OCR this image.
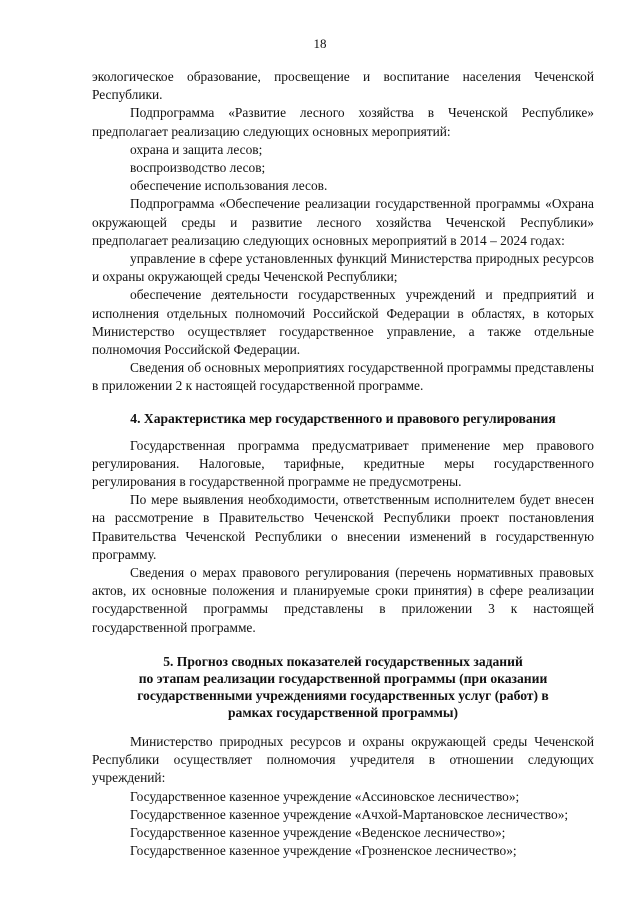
18

экологическое образование, просвещение и воспитание населения Чеченской Республики.

Подпрограмма «Развитие лесного хозяйства в Чеченской Республике» предполагает реализацию следующих основных мероприятий:

охрана и защита лесов;

воспроизводство лесов;

обеспечение использования лесов.

Подпрограмма «Обеспечение реализации государственной программы «Охрана окружающей среды и развитие лесного хозяйства Чеченской Республики» предполагает реализацию следующих основных мероприятий в 2014 – 2024 годах:

управление в сфере установленных функций Министерства природных ресурсов и охраны окружающей среды Чеченской Республики;

обеспечение деятельности государственных учреждений и предприятий и исполнения отдельных полномочий Российской Федерации в областях, в которых Министерство осуществляет государственное управление, а также отдельные полномочия Российской Федерации.

Сведения об основных мероприятиях государственной программы представлены в приложении 2 к настоящей государственной программе.

4. Характеристика мер государственного и правового регулирования

Государственная программа предусматривает применение мер правового регулирования. Налоговые, тарифные, кредитные меры государственного регулирования в государственной программе не предусмотрены.

По мере выявления необходимости, ответственным исполнителем будет внесен на рассмотрение в Правительство Чеченской Республики проект постановления Правительства Чеченской Республики о внесении изменений в государственную программу.

Сведения о мерах правового регулирования (перечень нормативных правовых актов, их основные положения и планируемые сроки принятия) в сфере реализации государственной программы представлены в приложении 3 к настоящей государственной программе.

5. Прогноз сводных показателей государственных заданий
по этапам реализации государственной программы (при оказании
государственными учреждениями государственных услуг (работ) в
рамках государственной программы)

Министерство природных ресурсов и охраны окружающей среды Чеченской Республики осуществляет полномочия учредителя в отношении следующих учреждений:

Государственное казенное учреждение «Ассиновское лесничество»;

Государственное казенное учреждение «Ачхой-Мартановское лесничество»;

Государственное казенное учреждение «Веденское лесничество»;

Государственное казенное учреждение «Грозненское лесничество»;
